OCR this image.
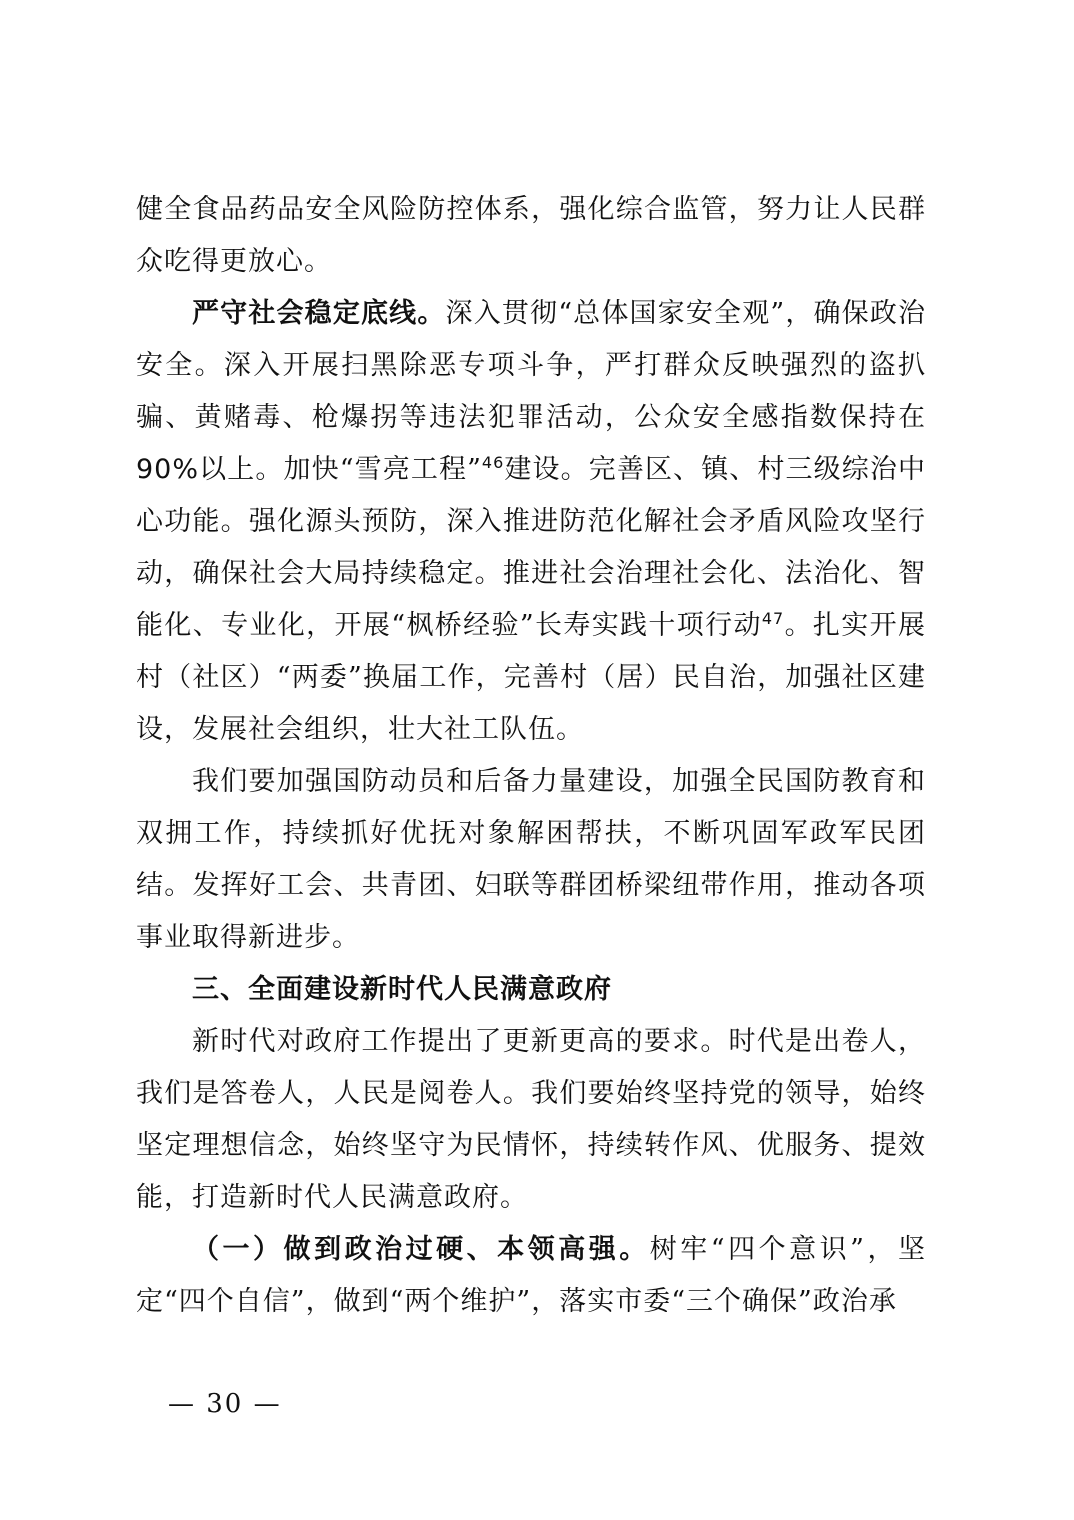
健全食品药品安全风险防控体系，强化综合监管，努力让人民群众吃得更放心。

严守社会稳定底线。深入贯彻“总体国家安全观”，确保政治安全。深入开展扫黑除恶专项斗争，严打群众反映强烈的盗扒骗、黄赌毒、枪爆拐等违法犯罪活动，公众安全感指数保持在90%以上。加快“雪亮工程”$^{46}$建设。完善区、镇、村三级综治中心功能。强化源头预防，深入推进防范化解社会矛盾风险攻坚行动，确保社会大局持续稳定。推进社会治理社会化、法治化、智能化、专业化，开展“枫桥经验”长寿实践十项行动$^{47}$。扎实开展村（社区）“两委”换届工作，完善村（居）民自治，加强社区建设，发展社会组织，壮大社工队伍。

我们要加强国防动员和后备力量建设，加强全民国防教育和双拥工作，持续抓好优抚对象解困帮扶，不断巩固军政军民团结。发挥好工会、共青团、妇联等群团桥梁纽带作用，推动各项事业取得新进步。

三、全面建设新时代人民满意政府

新时代对政府工作提出了更新更高的要求。时代是出卷人，我们是答卷人，人民是阅卷人。我们要始终坚持党的领导，始终坚定理想信念，始终坚守为民情怀，持续转作风、优服务、提效能，打造新时代人民满意政府。

（一）做到政治过硬、本领高强。树牢“四个意识”，坚定“四个自信”，做到“两个维护”，落实市委“三个确保”政治承

— 30 —
